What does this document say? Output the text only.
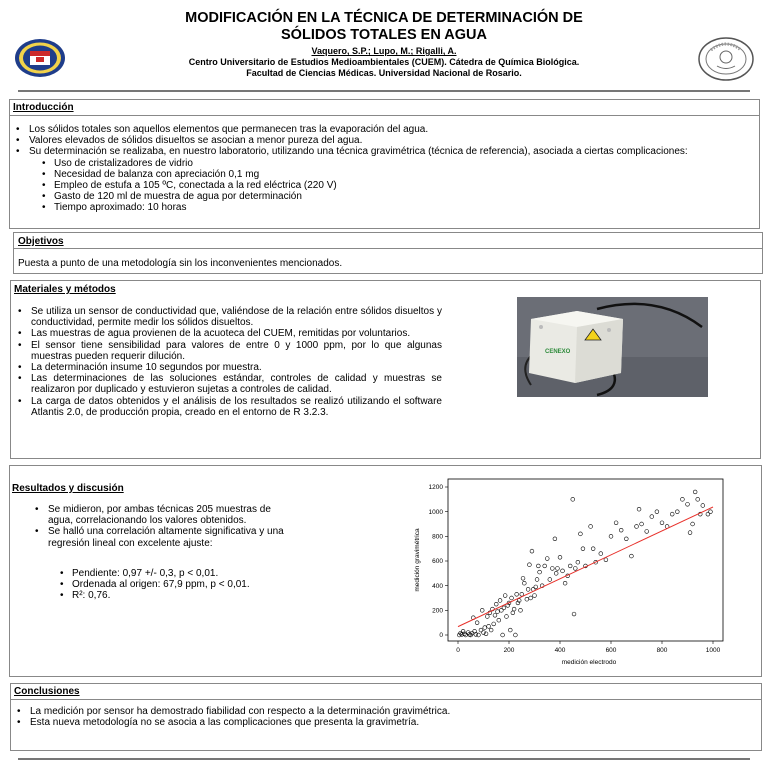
MODIFICACIÓN EN LA TÉCNICA DE DETERMINACIÓN DE
SÓLIDOS TOTALES EN AGUA
Vaquero, S.P.; Lupo, M.; Rigalli, A.
Centro Universitario de Estudios Medioambientales (CUEM). Cátedra de Química Biológica.
Facultad de Ciencias Médicas. Universidad Nacional de Rosario.
Introducción
• Los sólidos totales son aquellos elementos que permanecen tras la evaporación del agua.
• Valores elevados de sólidos disueltos se asocian a menor pureza del agua.
• Su determinación se realizaba, en nuestro laboratorio, utilizando una técnica gravimétrica (técnica de referencia), asociada a ciertas complicaciones:
• Uso de cristalizadores de vidrio
• Necesidad de balanza con apreciación 0,1 mg
• Empleo de estufa a 105 ºC, conectada a la red eléctrica (220 V)
• Gasto de 120 ml de muestra de agua por determinación
• Tiempo aproximado: 10 horas
Objetivos
Puesta a punto de una metodología sin los inconvenientes mencionados.
Materiales y métodos
• Se utiliza un sensor de conductividad que, valiéndose de la relación entre sólidos disueltos y conductividad, permite medir los sólidos disueltos.
• Las muestras de agua provienen de la acuoteca del CUEM, remitidas por voluntarios.
• El sensor tiene sensibilidad para valores de entre 0 y 1000 ppm, por lo que algunas muestras pueden requerir dilución.
• La determinación insume 10 segundos por muestra.
• Las determinaciones de las soluciones estándar, controles de calidad y muestras se realizaron por duplicado y estuvieron sujetas a controles de calidad.
• La carga de datos obtenidos y el análisis de los resultados se realizó utilizando el software Atlantis 2.0, de producción propia, creado en el entorno de R 3.2.3.
CENEXO
Resultados y discusión
• Se midieron, por ambas técnicas 205 muestras de agua, correlacionando los valores obtenidos.
• Se halló una correlación altamente significativa y una regresión lineal con excelente ajuste:
• Pendiente: 0,97 +/- 0,3, p < 0,01.
• Ordenada al origen: 67,9 ppm, p < 0,01.
• R²: 0,76.
0	200	400	600	800	1000
0
200
400
600
800
1000
1200
medición electrodo
medición gravimétrica
Conclusiones
• La medición por sensor ha demostrado fiabilidad con respecto a la determinación gravimétrica.
• Esta nueva metodología no se asocia a las complicaciones que presenta la gravimetría.
